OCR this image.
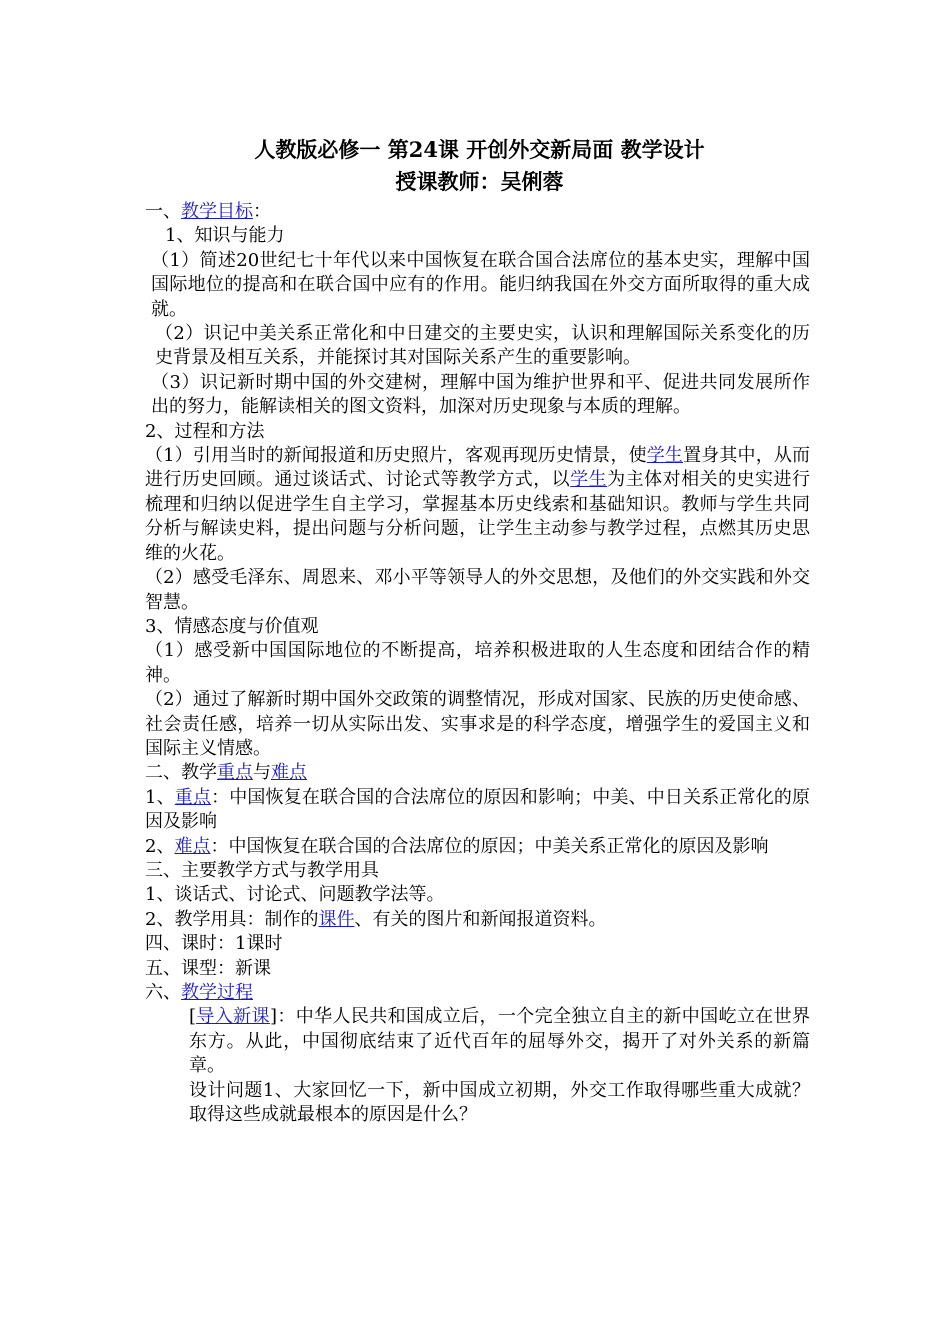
人教版必修一 第24课 开创外交新局面 教学设计

授课教师：吴俐蓉

一、教学目标：

1、知识与能力

（1）简述20世纪七十年代以来中国恢复在联合国合法席位的基本史实，理解中国国际地位的提高和在联合国中应有的作用。能归纳我国在外交方面所取得的重大成就。

（2）识记中美关系正常化和中日建交的主要史实，认识和理解国际关系变化的历史背景及相互关系，并能探讨其对国际关系产生的重要影响。

（3）识记新时期中国的外交建树，理解中国为维护世界和平、促进共同发展所作出的努力，能解读相关的图文资料，加深对历史现象与本质的理解。

2、过程和方法

（1）引用当时的新闻报道和历史照片，客观再现历史情景，使学生置身其中，从而进行历史回顾。通过谈话式、讨论式等教学方式，以学生为主体对相关的史实进行梳理和归纳以促进学生自主学习，掌握基本历史线索和基础知识。教师与学生共同分析与解读史料，提出问题与分析问题，让学生主动参与教学过程，点燃其历史思维的火花。

（2）感受毛泽东、周恩来、邓小平等领导人的外交思想，及他们的外交实践和外交智慧。

3、情感态度与价值观

（1）感受新中国国际地位的不断提高，培养积极进取的人生态度和团结合作的精神。

（2）通过了解新时期中国外交政策的调整情况，形成对国家、民族的历史使命感、社会责任感，培养一切从实际出发、实事求是的科学态度，增强学生的爱国主义和国际主义情感。

二、教学重点与难点

1、重点：中国恢复在联合国的合法席位的原因和影响；中美、中日关系正常化的原因及影响

2、难点：中国恢复在联合国的合法席位的原因；中美关系正常化的原因及影响

三、主要教学方式与教学用具

1、谈话式、讨论式、问题教学法等。

2、教学用具：制作的课件、有关的图片和新闻报道资料。

四、课时：1课时

五、课型：新课

六、教学过程

[导入新课]：中华人民共和国成立后，一个完全独立自主的新中国屹立在世界东方。从此，中国彻底结束了近代百年的屈辱外交，揭开了对外关系的新篇章。

设计问题1、大家回忆一下，新中国成立初期，外交工作取得哪些重大成就？取得这些成就最根本的原因是什么？
